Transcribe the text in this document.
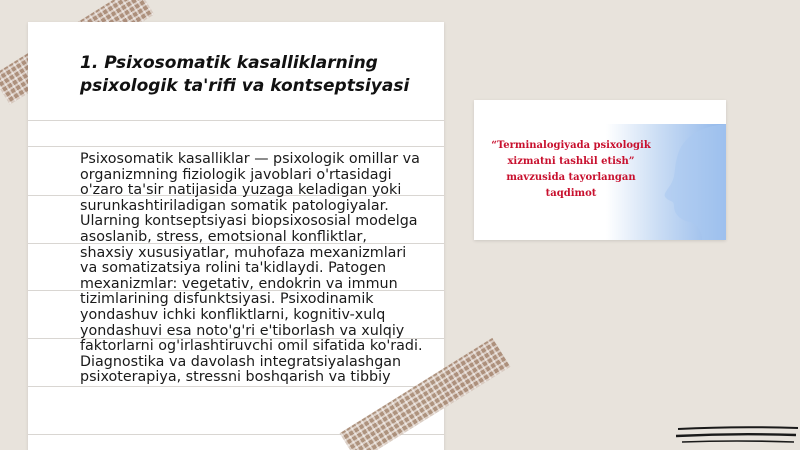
1. Psixosomatik kasalliklarning psixologik ta'rifi va kontseptsiyasi

Psixosomatik kasalliklar — psixologik omillar va organizmning fiziologik javoblari o'rtasidagi o'zaro ta'sir natijasida yuzaga keladigan yoki surunkashtiriladigan somatik patologiyalar. Ularning kontseptsiyasi biopsixososial modelga asoslanib, stress, emotsional konfliktlar, shaxsiy xususiyatlar, muhofaza mexanizmlari va somatizatsiya rolini ta'kidlaydi. Patogen mexanizmlar: vegetativ, endokrin va immun tizimlarining disfunktsiyasi. Psixodinamik yondashuv ichki konfliktlarni, kognitiv-xulq yondashuvi esa noto'g'ri e'tiborlash va xulqiy faktorlarni og'irlashtiruvchi omil sifatida ko'radi. Diagnostika va davolash integratsiyalashgan psixoterapiya, stressni boshqarish va tibbiy

“Terminalogiyada psixologik
xizmatni tashkil etish”
mavzusida tayorlangan
taqdimot
